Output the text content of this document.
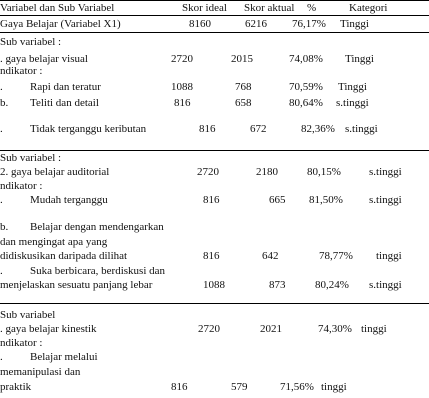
Variabel dan Sub Variabel	Skor ideal Skor aktual %	Kategori
Gaya Belajar (Variabel X1)	8160	6216 76,17% Tinggi
Sub variabel :
. gaya belajar visual	2720	2015	74,08% Tinggi
ndikator :
. Rapi dan teratur	1088	768	70,59% Tinggi
b. Teliti dan detail	816	658	80,64% s.tinggi
. Tidak terganggu keributan	816	672	82,36% s.tinggi
Sub variabel :
2. gaya belajar auditorial	2720	2180	80,15%	s.tinggi
ndikator :
. Mudah terganggu	816	665 81,50% s.tinggi
b. Belajar dengan mendengarkan
dan mengingat apa yang
didiskusikan daripada dilihat	816	642	78,77% tinggi
. Suka berbicara, berdiskusi dan
menjelaskan sesuatu panjang lebar	1088	873	80,24% s.tinggi
Sub variabel
. gaya belajar kinestik	2720	2021	74,30% tinggi
ndikator :
. Belajar melalui
memanipulasi dan
praktik	816	579	71,56% tinggi
